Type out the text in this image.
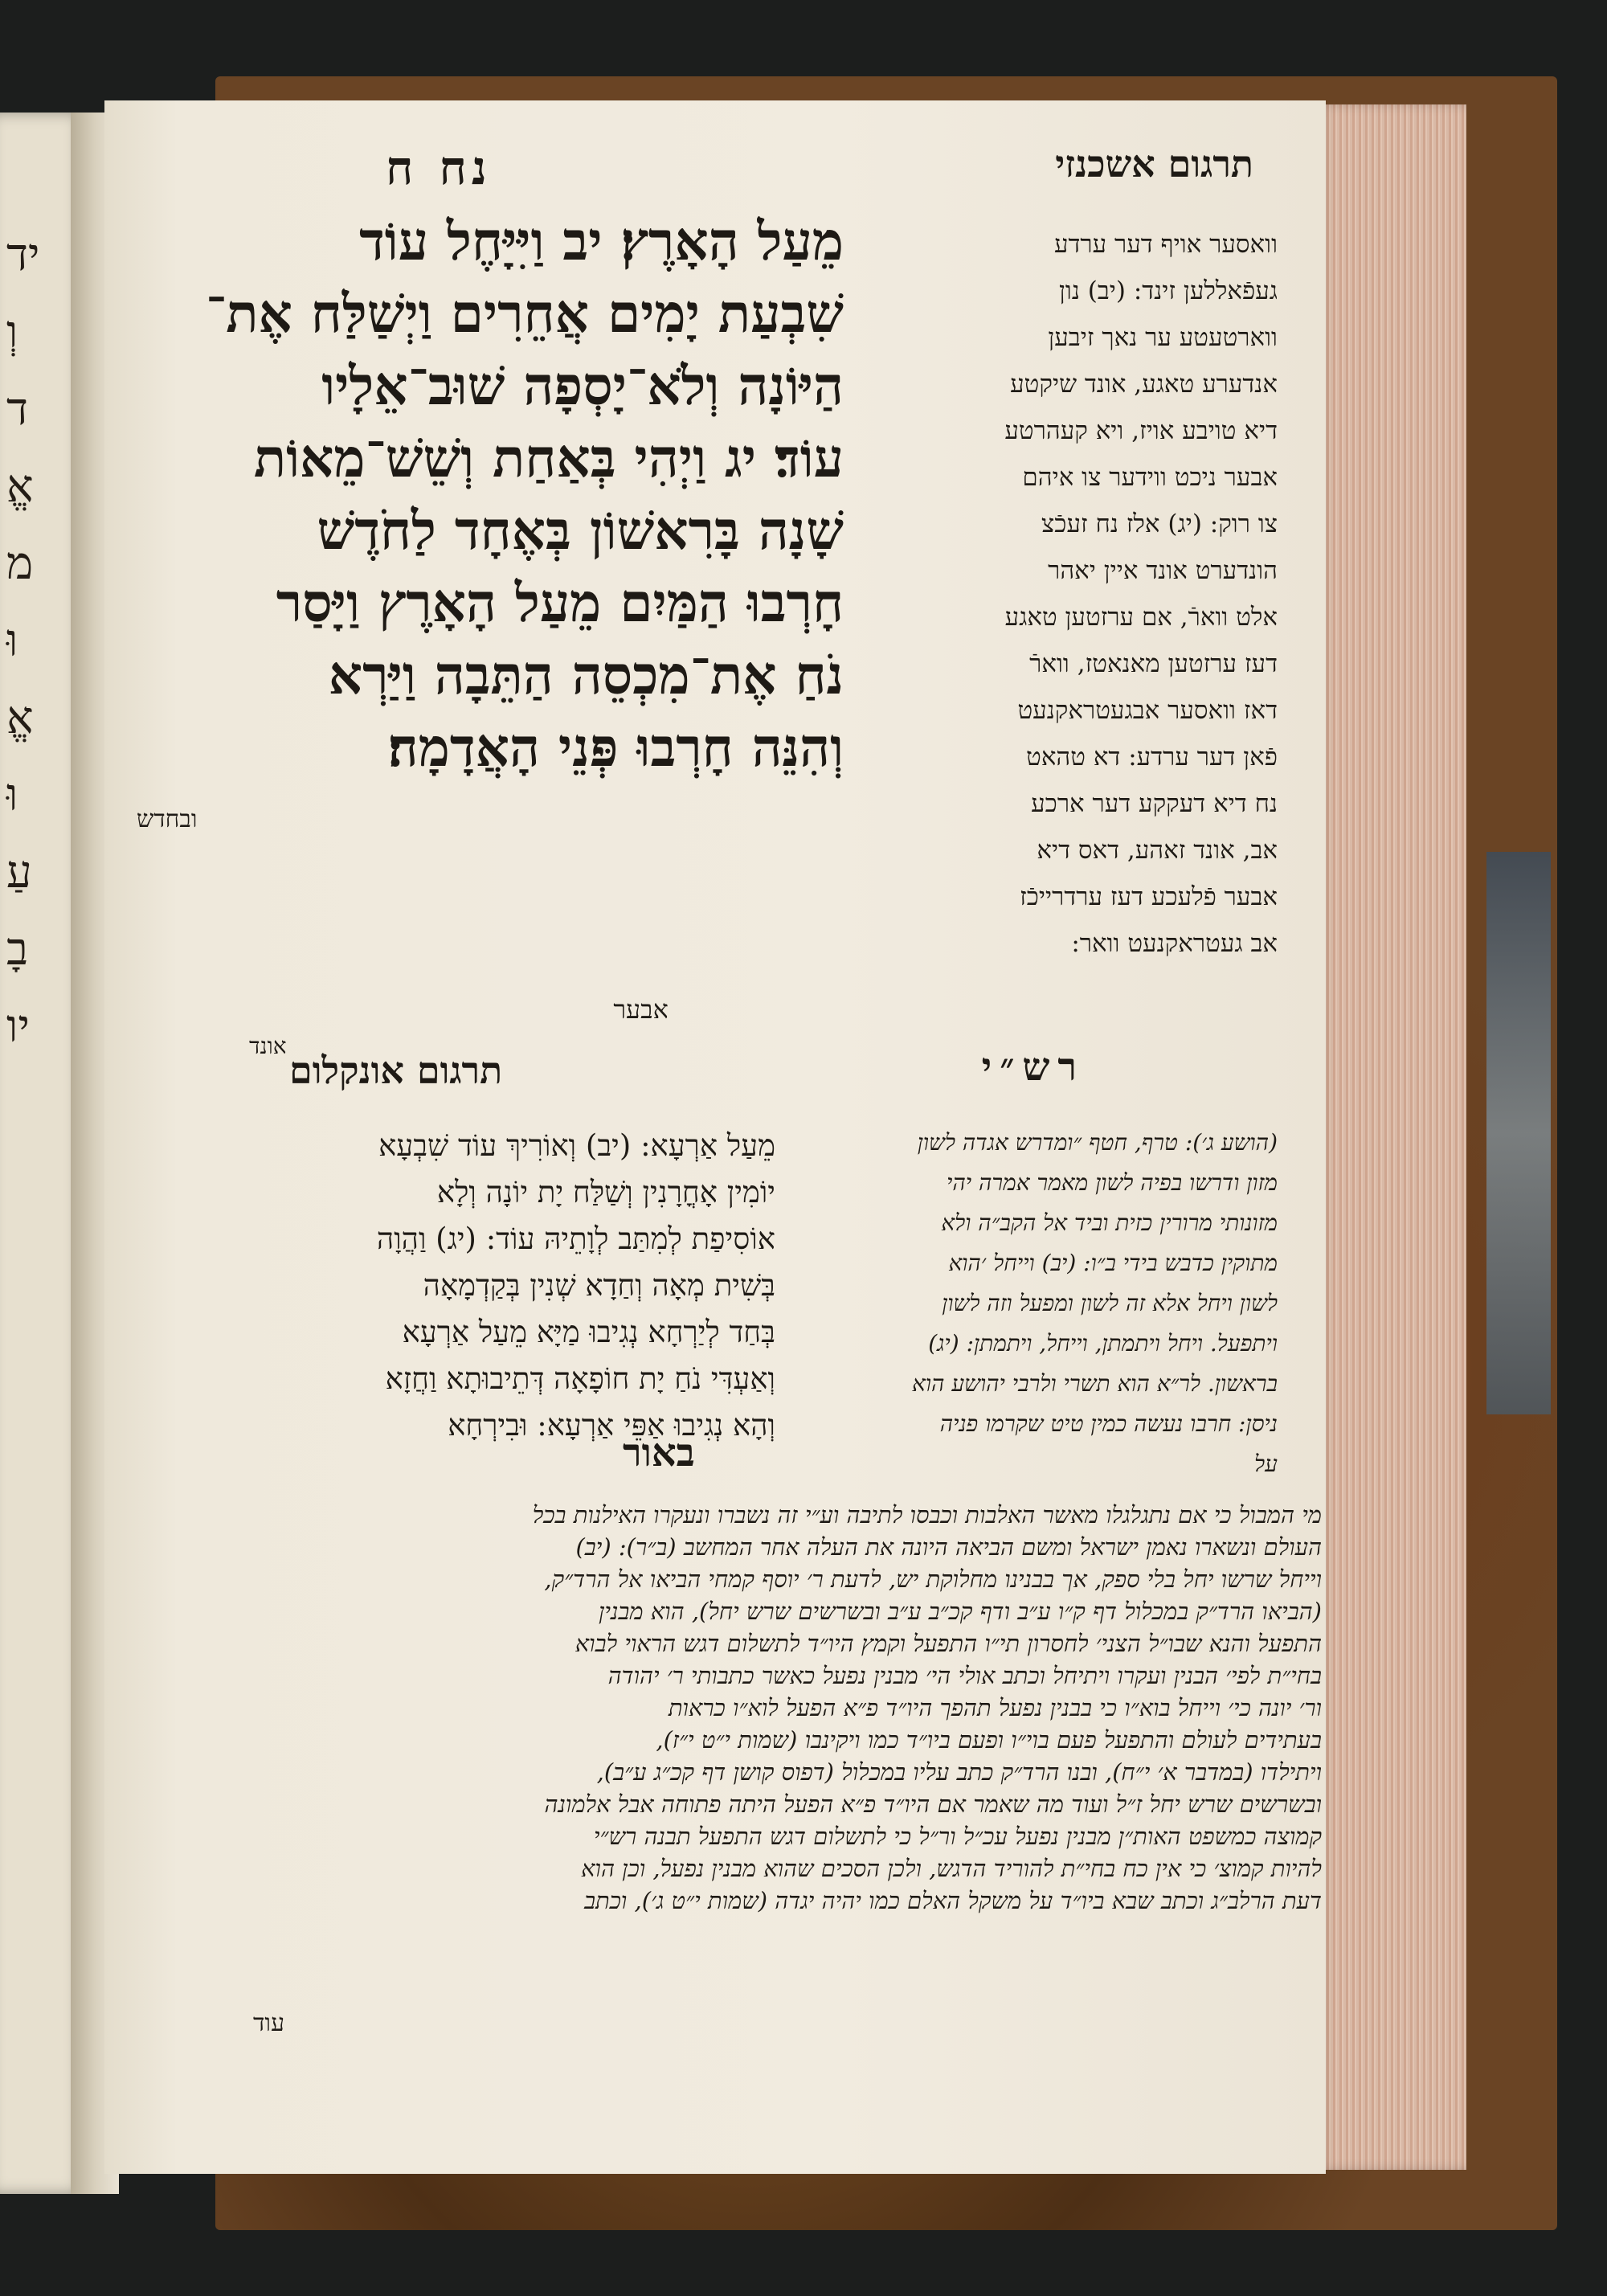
יד
וְ
ד
אֱ
מ
וּ
אֱ
וּ
עַ
בָ
יו
נח ח	תרגום אשכנזי
מֵעַל הָאָרֶץ׃ יב וַיִּיָּחֶל עוֹד
שִׁבְעַת יָמִים אֲחֵרִים וַיְשַׁלַּח אֶת־
הַיּוֹנָה וְלֹא־יָסְפָה שׁוּב־אֵלָיו
עוֹד׃ יג וַיְהִי בְּאַחַת וְשֵׁשׁ־מֵאוֹת
שָׁנָה בָּרִאשׁוֹן בְּאֶחָד לַחֹדֶשׁ
חָרְבוּ הַמַּיִם מֵעַל הָאָרֶץ וַיָּסַר
נֹחַ אֶת־מִכְסֵה הַתֵּבָה וַיַּרְא
וְהִנֵּה חָרְבוּ פְּנֵי הָאֲדָמָה׃
ובחדש
וואסער אויף דער ערדע
געפֿאללען זינד: (יב) נון
ווארטעטע ער נאך זיבען
אנדערע טאגע, אונד שיקטע
דיא טויבע אויז, ויא קעהרטע
אבער ניכט ווידער צו איהם
צו רוק: (יג) אלז נח זעכֿצ
הונדערט אונד איין יאהר
אלט ווארֿ, אם ערזטען טאגע
דעז ערזטען מאנאטז, ווארֿ
דאז וואסער אבגעטראקנעט
פֿאן דער ערדע: דא טהאט
נח דיא דעקקע דער ארכע
אב, אונד זאהע, דאס דיא
אבער פֿלעכע דעז ערדרייכֿז
אב געטראקנעט וואר:
אבער
אונד	רש״י
תרגום אונקלום
(הושע ג׳): טרף, חטף ״ומדרש אגדה לשון
מזון ודרשו בפיה לשון מאמר אמרה יהי
מזונותי מרורין כזית וביד אל הקב״ה ולא
מתוקין כדבש בידי ב״ו: (יב) וייחל ׳הוא
לשון ויחל אלא זה לשון ומפעל וזה לשון
ויתפעל. ויחל ויתמתן, וייחל, ויתמתן: (יג)
בראשון. לר״א הוא תשרי ולרבי יהושע הוא
ניסן: חרבו נעשה כמין טיט שקרמו פניה
על
מֵעַל אַרְעָא: (יב) וְאוֹרִיךְ עוֹד שִׁבְעָא
יוֹמִין אָחֳרָנִין וְשַׁלַּח יָת יוֹנָה וְלָא
אוֹסִיפַת לְמִתַּב לְוָתֵיהּ עוֹד: (יג) וַהֲוָה
בְּשִׁית מְאָה וְחַדָא שְׁנִין בְּקַדְמָאָה
בְּחַד לְיַרְחָא נְגִיבוּ מַיָּא מֵעַל אַרְעָא
וְאַעְדִּי נֹחַ יָת חוֹפָאָה דְּתֵיבוּתָא וַחֲזָא
וְהָא נְגִיבוּ אַפֵּי אַרְעָא: וּבִירְחָא
באור
מי המבול כי אם נתגלגלו מאשר האלבות וכבסו לתיבה וע״י זה נשברו ונעקרו האילנות בכל
העולם ונשארו נאמן ישראל ומשם הביאה היונה את העלה אחר המחשב (ב״ר): (יב)
וייחל שרשו יחל בלי ספק, אך בבנינו מחלוקת יש, לדעת ר׳ יוסף קמחי הביאו אל הרד״ק,
(הביאו הרד״ק במכלול דף ק״ו ע״ב ודף קכ״ב ע״ב ובשרשים שרש יחל), הוא מבנין
התפעל והנא שבו״ל הצני׳ לחסרון תי״ו התפעל וקמץ היו״ד לתשלום דגש הראוי לבוא
בחי״ת לפי׳ הבנין ועקרו ויתיחל וכתב אולי הי׳ מבנין נפעל כאשר כתבותי ר׳ יהודה
ור׳ יונה כי׳ וייחל בוא״ו כי בבנין נפעל תהפך היו״ד פ״א הפעל לוא״ו כראות
בעתידים לעולם והתפעל פעם בוי״ו ופעם ביו״ד כמו ויקינבו (שמות י״ט י״ז),
ויתילדו (במדבר א׳ י״ח), ובנו הרד״ק כתב עליו במכלול (דפוס קושן דף קכ״ג ע״ב),
ובשרשים שרש יחל ז״ל ועוד מה שאמר אם היו״ד פ״א הפעל היתה פתוחה אבל אלמונה
קמוצה כמשפט האות״ן מבנין נפעל עכ״ל ור״ל כי לתשלום דגש התפעל תבנה רש״י
להיות קמוצ׳ כי אין כח בחי״ת להוריד הדגש, ולכן הסכים שהוא מבנין נפעל, וכן הוא
דעת הרלב״ג וכתב שבא ביו״ד על משקל האלם כמו יהיה יגדה (שמות י״ט ג׳), וכתב
עוד
